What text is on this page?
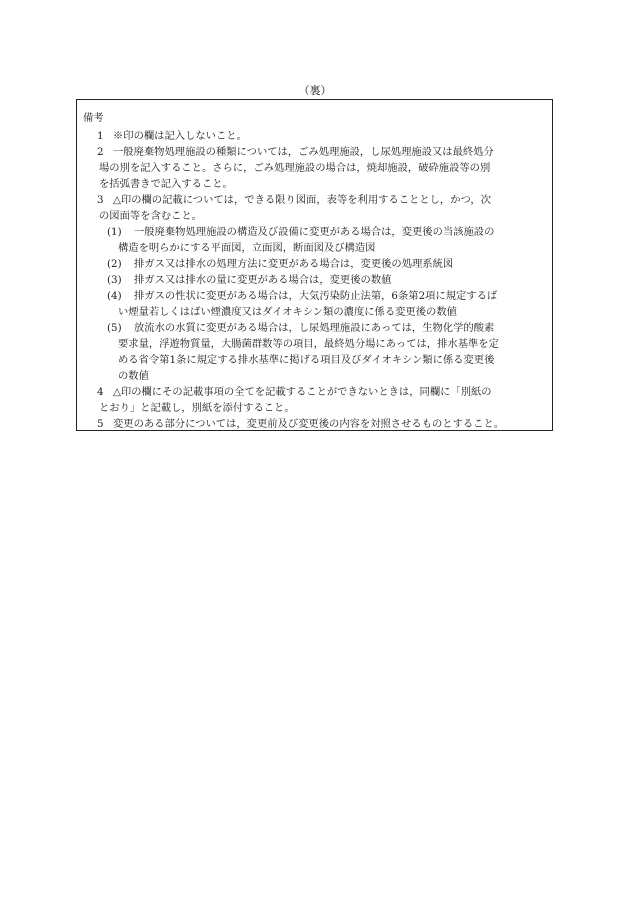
（裏）
備考
1 ※印の欄は記入しないこと。
2 一般廃棄物処理施設の種類については，ごみ処理施設，し尿処理施設又は最終処分
場の別を記入すること。さらに，ごみ処理施設の場合は，焼却施設，破砕施設等の別
を括弧書きで記入すること。
3 △印の欄の記載については，できる限り図面，表等を利用することとし，かつ，次
の図面等を含むこと。
(1) 一般廃棄物処理施設の構造及び設備に変更がある場合は，変更後の当該施設の
構造を明らかにする平面図，立面図，断面図及び構造図
(2) 排ガス又は排水の処理方法に変更がある場合は，変更後の処理系統図
(3) 排ガス又は排水の量に変更がある場合は，変更後の数値
(4) 排ガスの性状に変更がある場合は，大気汚染防止法第，6条第2項に規定するば
い煙量若しくはばい煙濃度又はダイオキシン類の濃度に係る変更後の数値
(5) 放流水の水質に変更がある場合は，し尿処理施設にあっては，生物化学的酸素
要求量，浮遊物質量，大腸菌群数等の項目，最終処分場にあっては，排水基準を定
める省令第1条に規定する排水基準に掲げる項目及びダイオキシン類に係る変更後
の数値
4 △印の欄にその記載事項の全てを記載することができないときは，同欄に「別紙の
とおり」と記載し，別紙を添付すること。
5 変更のある部分については，変更前及び変更後の内容を対照させるものとすること。
